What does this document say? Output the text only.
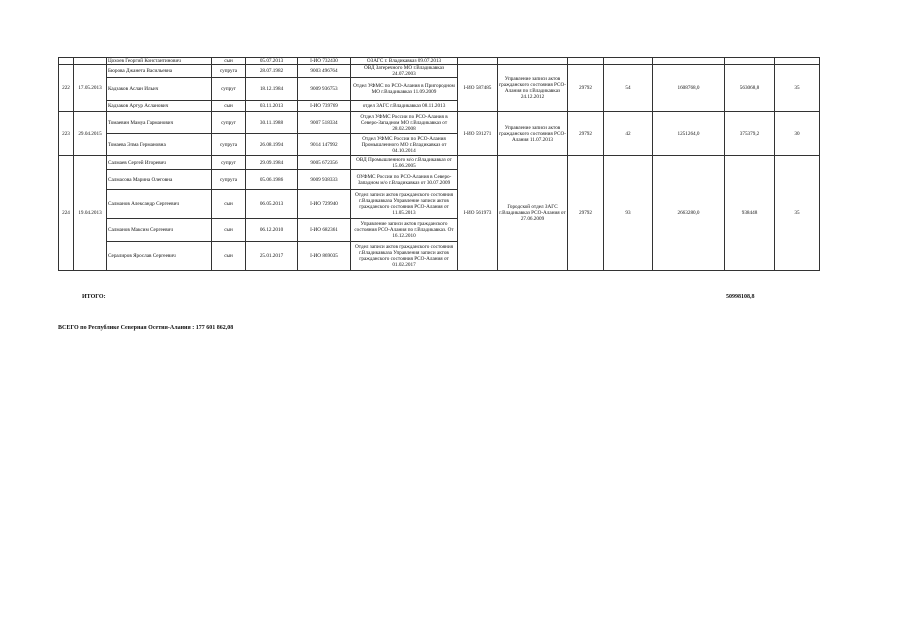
		Цохоев Георгий Константинович	сын	05.07.2013	I-ИО 732430	ОЗАГС г. Владикавказ 09.07.2013							
222	17.05.2013	Бюрова Джанета Васильевна	супруга	28.07.1982	9003 496764	ОВД Затеречного МО г.Владикавказ 24.07.2003	I-ИО 587485	Управление записи актов гражданского состояния РСО-Алания по г.Владикавказ 24.12.2012	29792	54	1608768,0	563068,8	35
		Кадзаков Аслан Ильич	супруг	18.12.1984	9009 936753	Отдел УФМС по РСО-Алания в Пригородном МО г.Владикавказ 11.09.2009							
		Кадзаков Артур Асланович	сын	03.11.2013	I-ИО 739769	отдел ЗАГС г.Владикавказ 08.11.2013							
223	29.04.2015	Томаевин Мамуа Гарманович	супруг	30.11.1988	9007 518334	Отдел УФМС России по РСО-Алания в Северо-Западном МО г.Владикавказ от 28.02.2008	I-ИО 591271	Управление записи актов гражданского состояния РСО-Алания 11.07.2013	29792	42	1251264,0	375379,2	30
		Томаева Элма Германовна	супруга	26.08.1994	9014 147992	Отдел УФМС России по РСО-Алания Промышленного МО г.Владикавказ от 04.10.2014							
224	19.04.2013	Салмаев Сергей Игоревич	супруг	29.09.1984	9005 672356	ОВД Промышленного м/о г.Владикавказ от 15.06.2005	I-ИО 561973	Городской отдел ЗАГС г.Владикавказ РСО-Алания от 27.06.2009	29792	93	2663280,0	938448	35
		Салмасова Марина Олеговна	супруга	05.06.1986	9009 938333	ОУФМС России по РСО-Алания в Северо-Западном м/о г.Владикавказ от 30.07.2009							
		Салманов Александр Сергеевич	сын	06.05.2013	I-ИО 729940	Отдел записи актов гражданского состояния г.Владикавказа Управление записи актов гражданского состояния РСО-Алания от 11.05.2013							
		Салманов Максим Сергеевич	сын	06.12.2010	I-ИО 682361	Управление записи актов гражданского состояния РСО-Алания по г.Владикавказ. От 16.12.2010							
		Сералиров Ярослав Сергеевич	сын	25.01.2017	I-ИО 869035	Отдел записи актов гражданского состояния г.Владикавказа Управления записи актов гражданского состояния РСО-Алания от 01.02.2017							
ИТОГО:	50998108,8
ВСЕГО по Республике Северная Осетия-Алания : 177 601 862,08
